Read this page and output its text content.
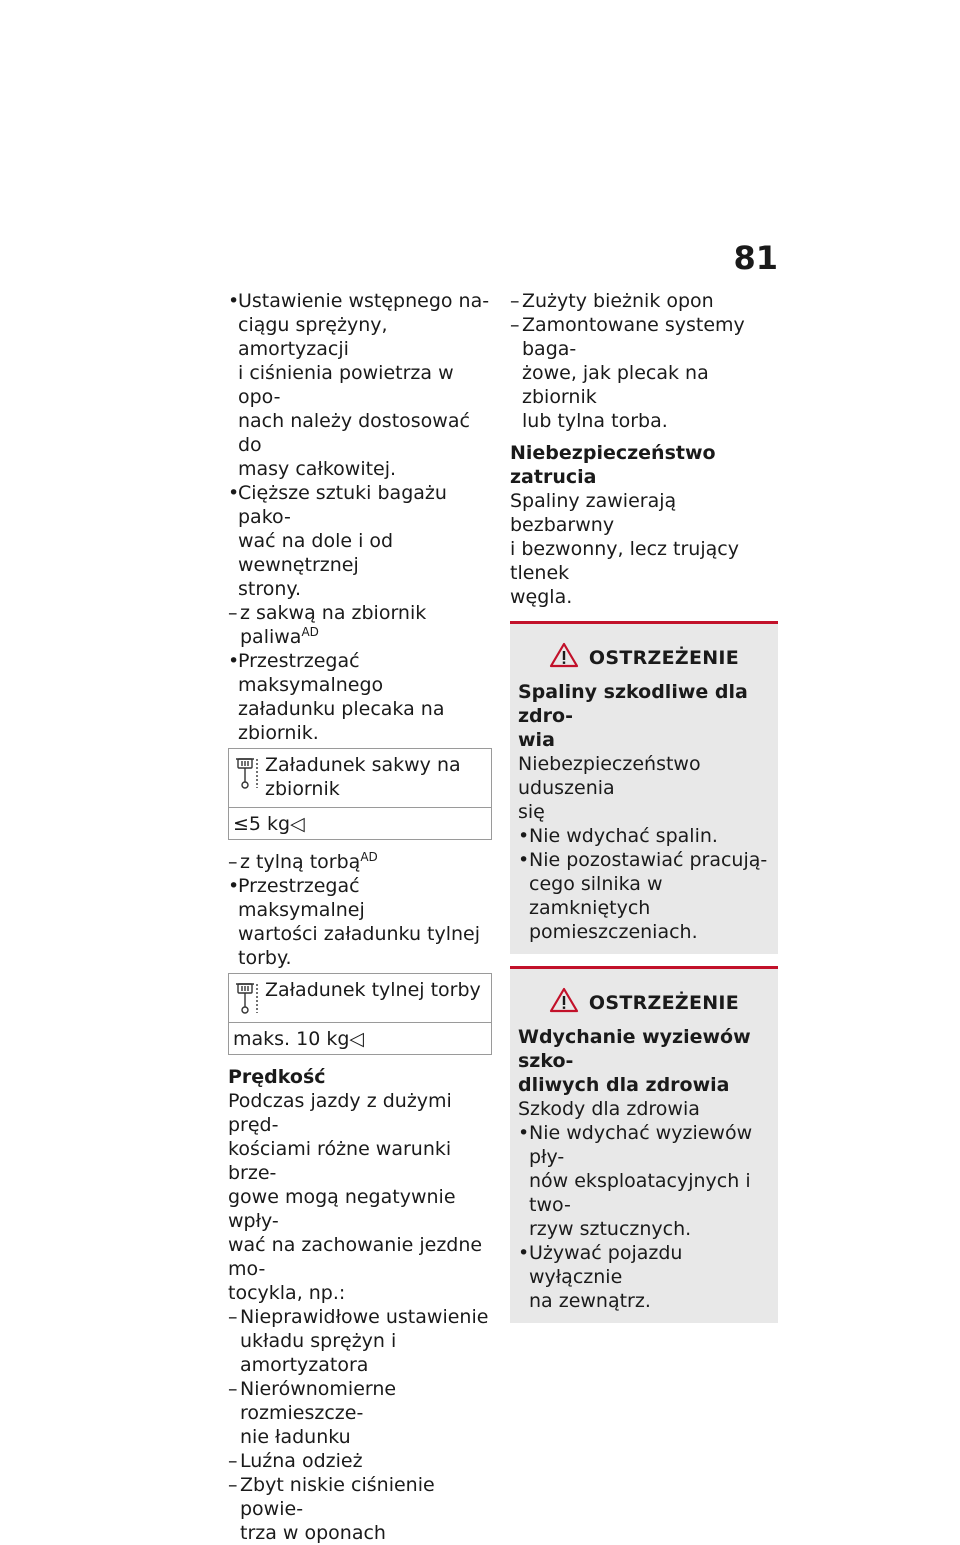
81
•
Ustawienie wstępnego na-
ciągu sprężyny, amortyzacji
i ciśnienia powietrza w opo-
nach należy dostosować do
masy całkowitej.
•
Cięższe sztuki bagażu pako-
wać na dole i od wewnętrznej
strony.
– z sakwą na zbiornik paliwa$^{AD}$
•
Przestrzegać maksymalnego
załadunku plecaka na zbiornik.
Załadunek sakwy na
zbiornik
≤5 kg◁
– z tylną torbą$^{AD}$
•
Przestrzegać maksymalnej
wartości załadunku tylnej
torby.
Załadunek tylnej torby
maks. 10 kg◁
Prędkość
Podczas jazdy z dużymi pręd-
kościami różne warunki brze-
gowe mogą negatywnie wpły-
wać na zachowanie jezdne mo-
tocykla, np.:
– Nieprawidłowe ustawienie
układu sprężyn i amortyzatora
– Nierównomierne rozmieszcze-
nie ładunku
– Luźna odzież
– Zbyt niskie ciśnienie powie-
trza w oponach
– Zużyty bieżnik opon
– Zamontowane systemy baga-
żowe, jak plecak na zbiornik
lub tylna torba.
Niebezpieczeństwo zatrucia
Spaliny zawierają bezbarwny
i bezwonny, lecz trujący tlenek
węgla.
OSTRZEŻENIE
Spaliny szkodliwe dla zdro-
wia
Niebezpieczeństwo uduszenia
się
• Nie wdychać spalin.
• Nie pozostawiać pracują-
cego silnika w zamkniętych
pomieszczeniach.
OSTRZEŻENIE
Wdychanie wyziewów szko-
dliwych dla zdrowia
Szkody dla zdrowia
• Nie wdychać wyziewów pły-
nów eksploatacyjnych i two-
rzyw sztucznych.
• Używać pojazdu wyłącznie
na zewnątrz.
